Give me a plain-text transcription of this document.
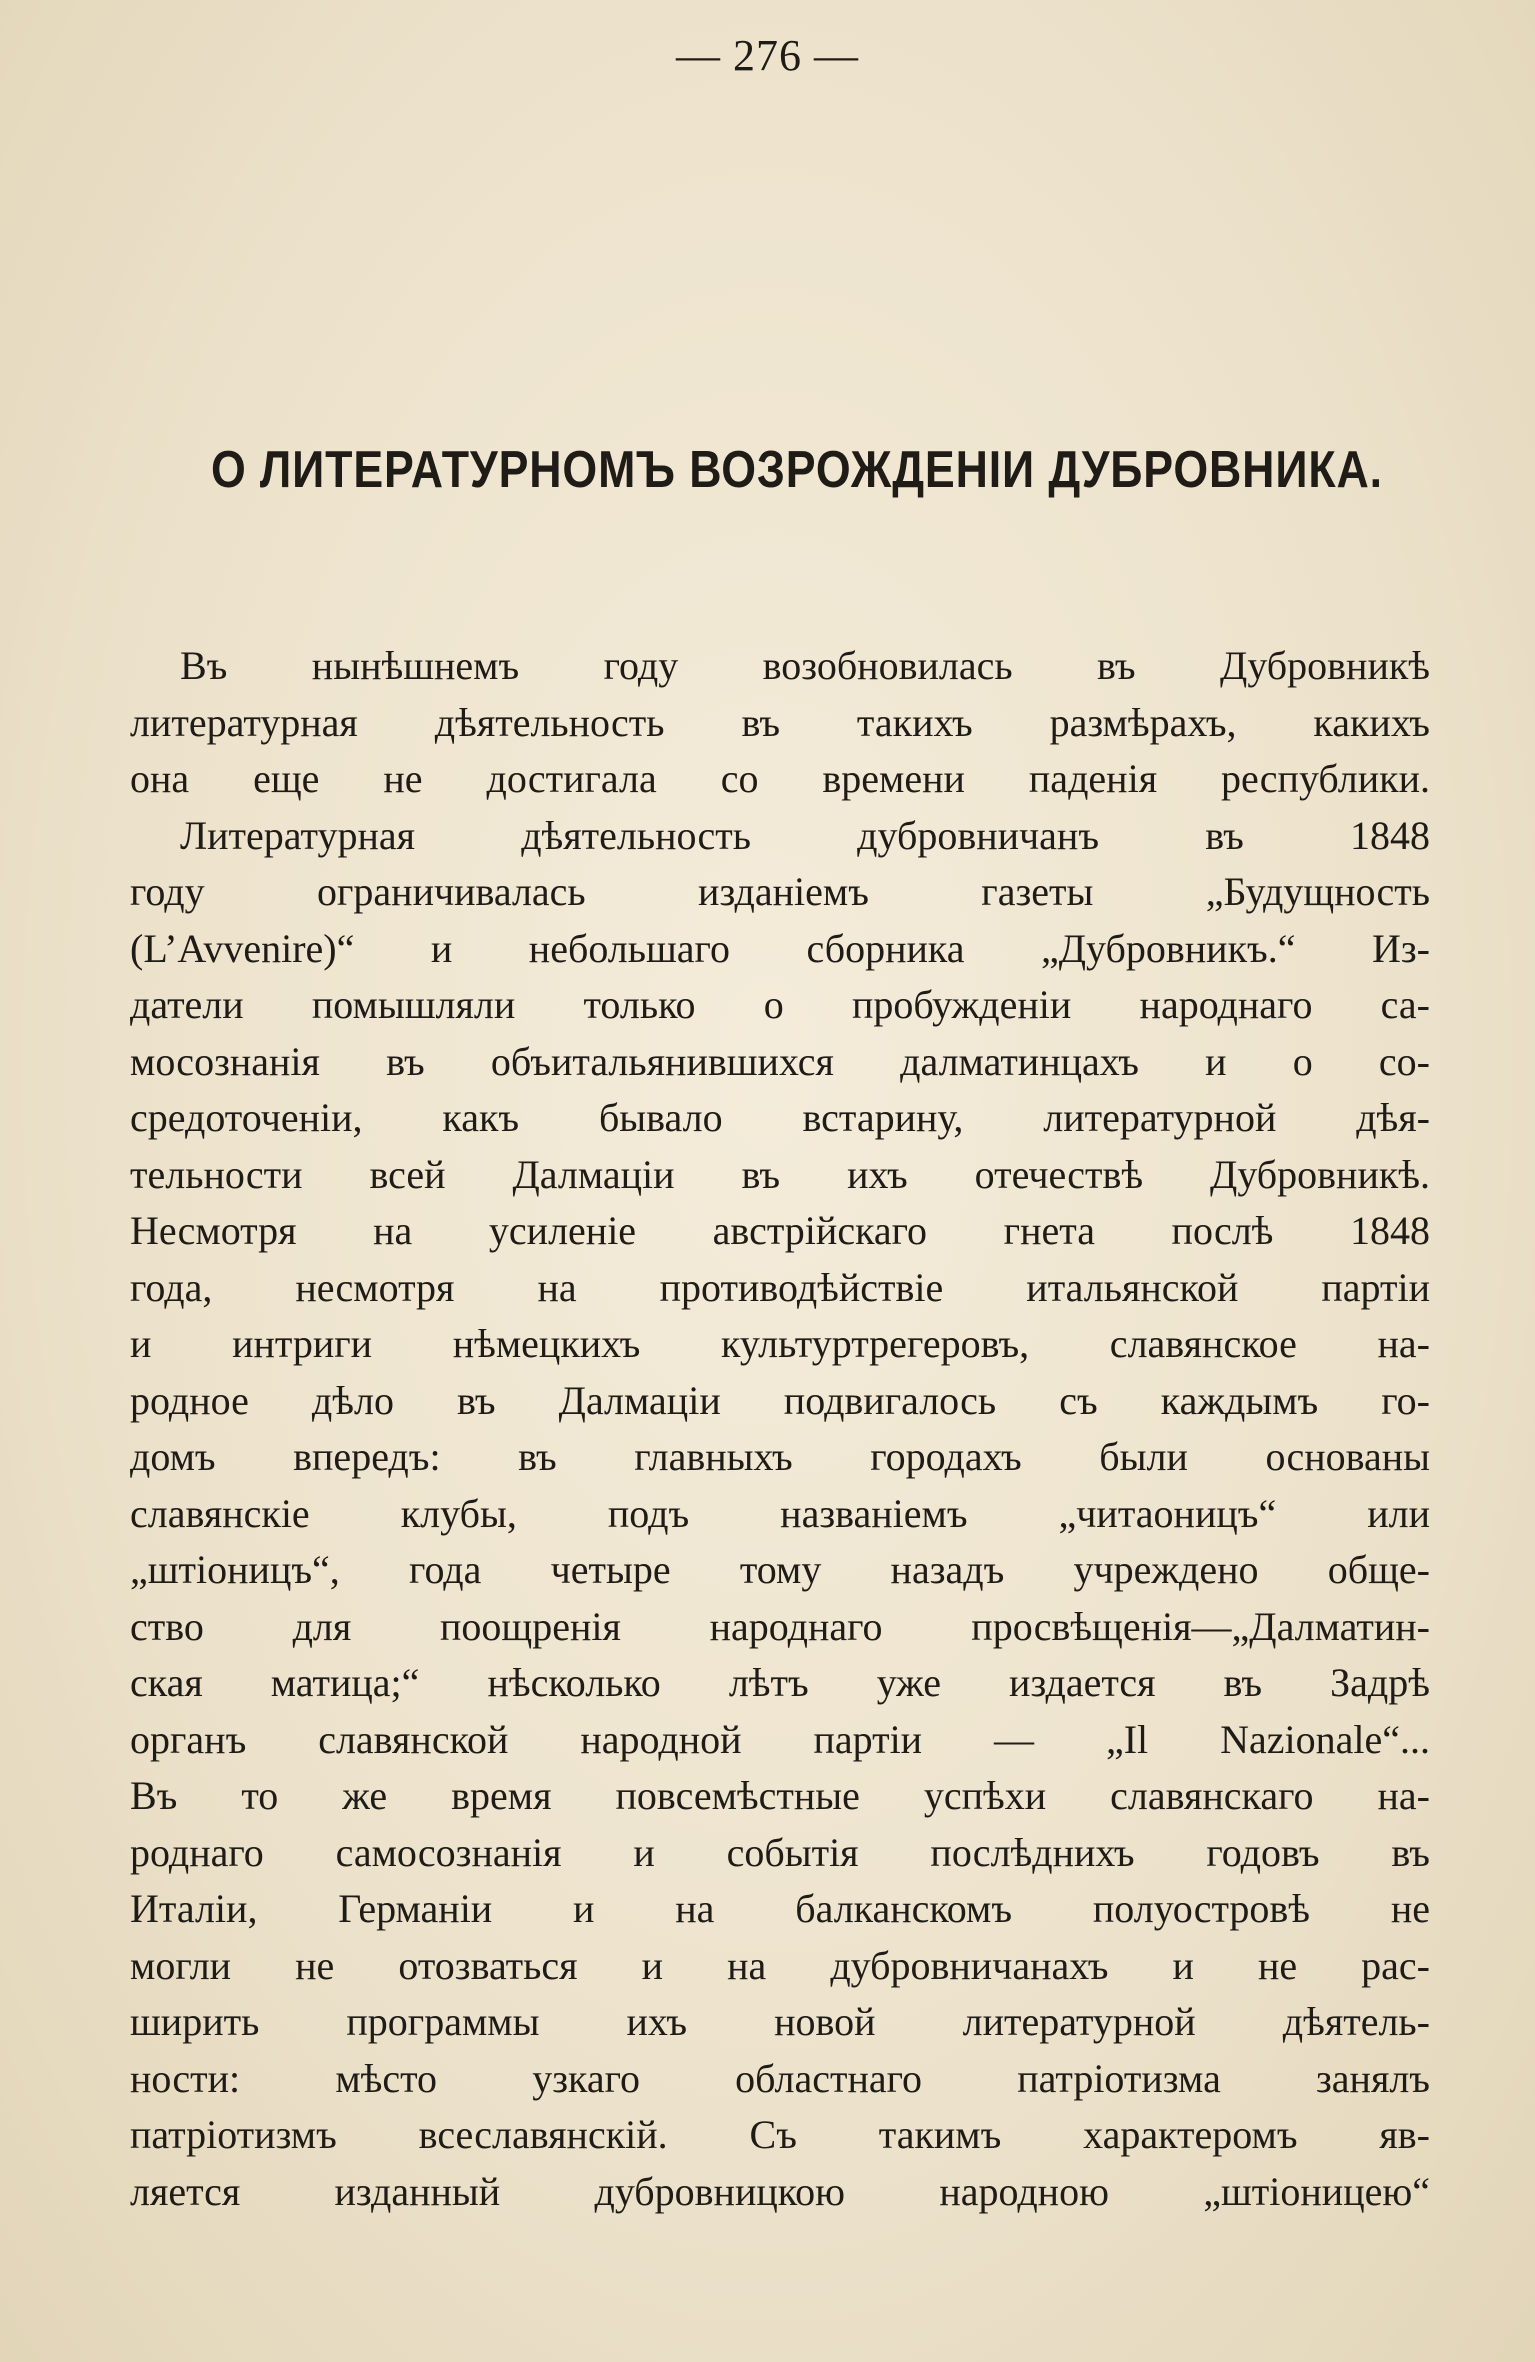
— 276 —
О ЛИТЕРАТУРНОМЪ ВОЗРОЖДЕНІИ ДУБРОВНИКА.
Въ нынѣшнемъ году возобновилась въ Дубровникѣ
литературная дѣятельность въ такихъ размѣрахъ, какихъ
она еще не достигала со времени паденія республики.
Литературная дѣятельность дубровничанъ въ 1848
году ограничивалась изданіемъ газеты „Будущность
(L’Avvenire)“ и небольшаго сборника „Дубровникъ.“ Из-
датели помышляли только о пробужденіи народнаго са-
мосознанія въ объитальянившихся далматинцахъ и о со-
средоточеніи, какъ бывало встарину, литературной дѣя-
тельности всей Далмаціи въ ихъ отечествѣ Дубровникѣ.
Несмотря на усиленіе австрійскаго гнета послѣ 1848
года, несмотря на противодѣйствіе итальянской партіи
и интриги нѣмецкихъ культуртрегеровъ, славянское на-
родное дѣло въ Далмаціи подвигалось съ каждымъ го-
домъ впередъ: въ главныхъ городахъ были основаны
славянскіе клубы, подъ названіемъ „читаоницъ“ или
„штіоницъ“, года четыре тому назадъ учреждено обще-
ство для поощренія народнаго просвѣщенія—„Далматин-
ская матица;“ нѣсколько лѣтъ уже издается въ Задрѣ
органъ славянской народной партіи — „Il Nazionale“...
Въ то же время повсемѣстные успѣхи славянскаго на-
роднаго самосознанія и событія послѣднихъ годовъ въ
Италіи, Германіи и на балканскомъ полуостровѣ не
могли не отозваться и на дубровничанахъ и не рас-
ширить программы ихъ новой литературной дѣятель-
ности: мѣсто узкаго областнаго патріотизма занялъ
патріотизмъ всеславянскій. Съ такимъ характеромъ яв-
ляется изданный дубровницкою народною „штіоницею“
